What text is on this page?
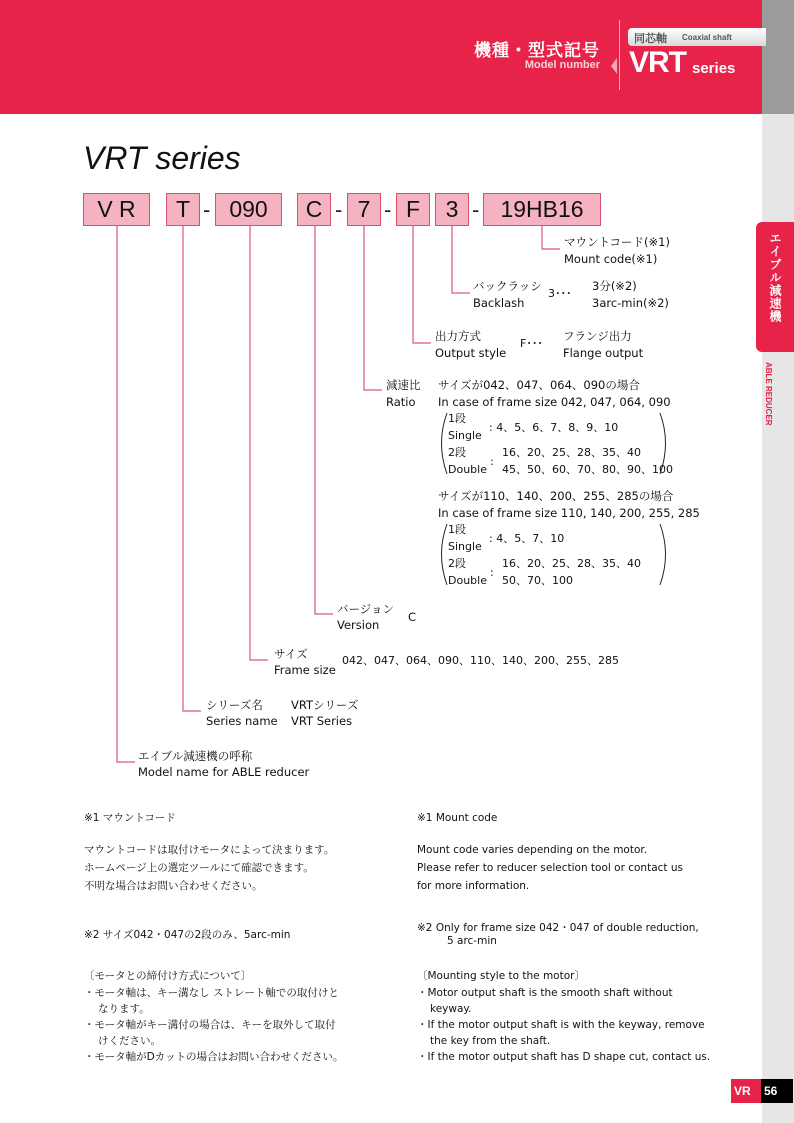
機種・型式記号
Model number
同芯軸 Coaxial shaft
VRT series
エイブル減速機
ABLE REDUCER
VRT series
V R	T - 090	C - 7 - F	3 - 19HB16
マウントコード(※1)
Mount code(※1)
バックラッシ
Backlash
3･･･
3分(※2)
3arc-min(※2)
出力方式
Output style
F･･･
フランジ出力
Flange output
減速比
Ratio
サイズが042、047、064、090の場合
In case of frame size 042, 047, 064, 090
1段
Single
: 4、5、6、7、8、9、10
2段
Double
:
16、20、25、28、35、40
45、50、60、70、80、90、100
サイズが110、140、200、255、285の場合
In case of frame size 110, 140, 200, 255, 285
1段
Single
: 4、5、7、10
2段
Double
:
16、20、25、28、35、40
50、70、100
バージョン
Version
C
サイズ
Frame size
042、047、064、090、110、140、200、255、285
シリーズ名
Series name
VRTシリーズ
VRT Series
エイブル減速機の呼称
Model name for ABLE reducer
※1 マウントコード
マウントコードは取付けモータによって決まります。
ホームページ上の選定ツールにて確認できます。
不明な場合はお問い合わせください。
※2 サイズ042・047の2段のみ、5arc-min
〔モータとの締付け方式について〕
・モータ軸は、キー溝なし ストレート軸での取付けと
なります。
・モータ軸がキー溝付の場合は、キーを取外して取付
けください。
・モータ軸がDカットの場合はお問い合わせください。
※1 Mount code
Mount code varies depending on the motor.
Please refer to reducer selection tool or contact us
for more information.
※2 Only for frame size 042・047 of double reduction,
5 arc-min
〔Mounting style to the motor〕
・Motor output shaft is the smooth shaft without
keyway.
・If the motor output shaft is with the keyway, remove
the key from the shaft.
・If the motor output shaft has D shape cut, contact us.
VR	56
